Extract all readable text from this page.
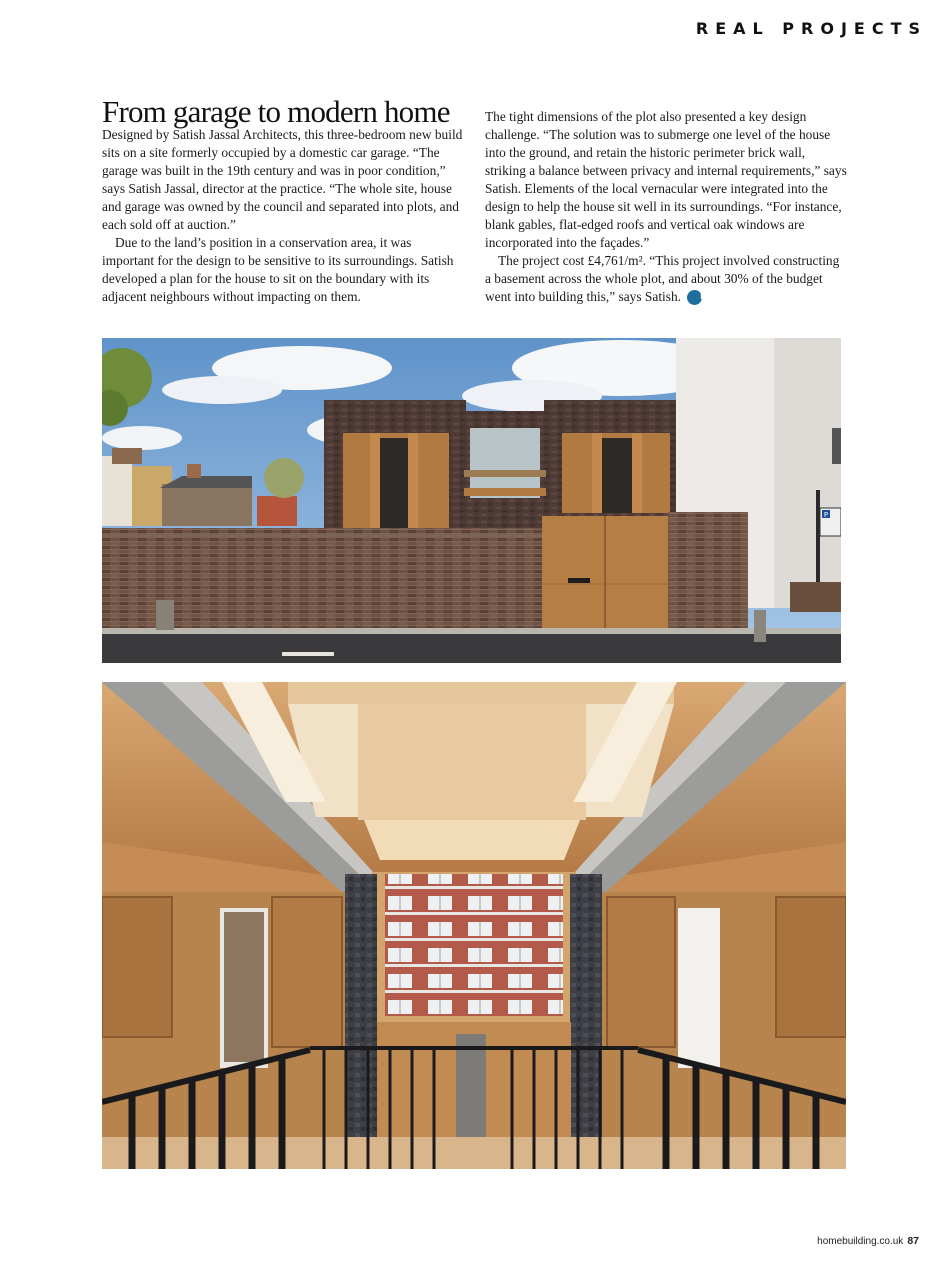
REAL PROJECTS
From garage to modern home

Designed by Satish Jassal Architects, this three-bedroom new build sits on a site formerly occupied by a domestic car garage. “The garage was built in the 19th century and was in poor condition,” says Satish Jassal, director at the practice. “The whole site, house and garage was owned by the council and separated into plots, and each sold off at auction.”

Due to the land’s position in a conservation area, it was important for the design to be sensitive to its surroundings. Satish developed a plan for the house to sit on the boundary with its adjacent neighbours without impacting on them.

The tight dimensions of the plot also presented a key design challenge. “The solution was to submerge one level of the house into the ground, and retain the historic perimeter brick wall, striking a balance between privacy and internal requirements,” says Satish. Elements of the local vernacular were integrated into the design to help the house sit well in its surroundings. “For instance, blank gables, flat-edged roofs and vertical oak windows are incorporated into the façades.”

The project cost £4,761/m². “This project involved constructing a basement across the whole plot, and about 30% of the budget went into building this,” says Satish. H

P
homebuilding.co.uk 87
